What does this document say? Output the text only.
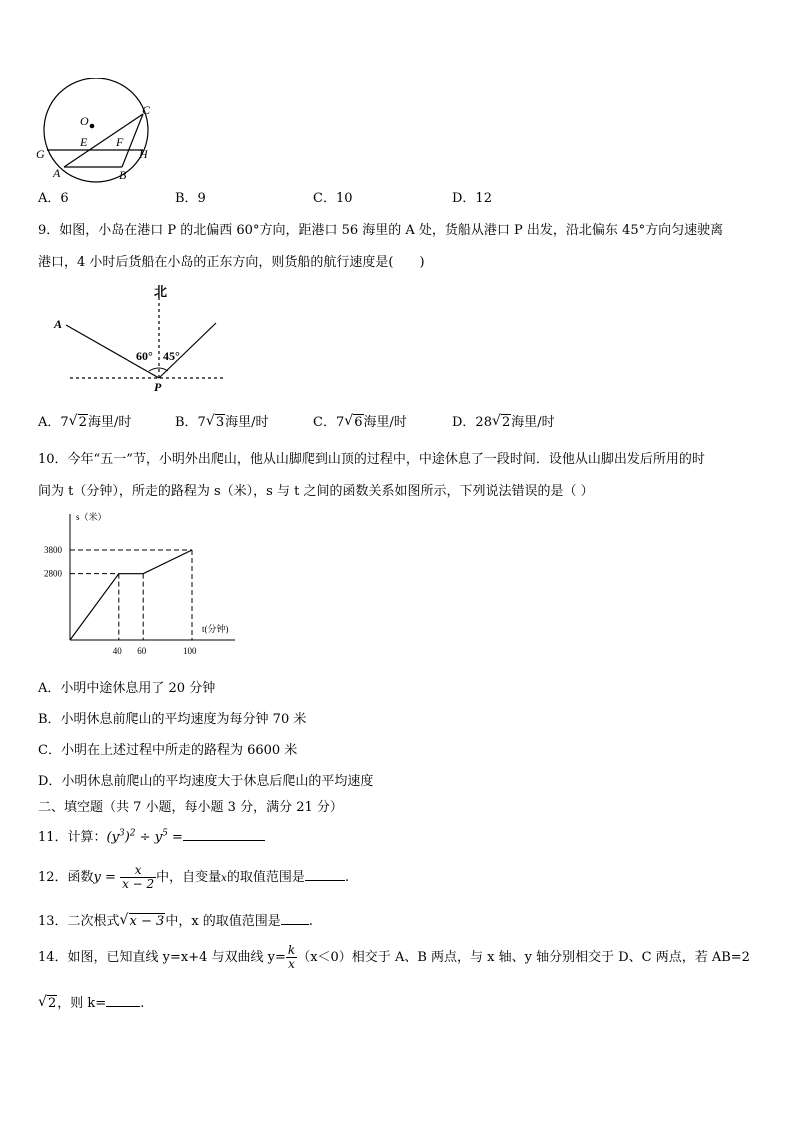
O
C
E F
G	H
A	B
A．6	B．9	C．10	D．12
9．如图，小岛在港口 P 的北偏西 60°方向，距港口 56 海里的 A 处，货船从港口 P 出发，沿北偏东 45°方向匀速驶离
港口，4 小时后货船在小岛的正东方向，则货船的航行速度是(　　)
北
A
60° 45°
P
A．7 √ 2海里/时	B．7 √ 3海里/时	C．7 √ 6海里/时	D．28 √ 2海里/时
10．今年“五一”节，小明外出爬山，他从山脚爬到山顶的过程中，中途休息了一段时间．设他从山脚出发后所用的时
间为 t（分钟），所走的路程为 s（米），s 与 t 之间的函数关系如图所示，下列说法错误的是（ ）
s（米）
t(分钟)
40 60	100
2800
3800
A．小明中途休息用了 20 分钟
B．小明休息前爬山的平均速度为每分钟 70 米
C．小明在上述过程中所走的路程为 6600 米
D．小明休息前爬山的平均速度大于休息后爬山的平均速度
二、填空题（共 7 小题，每小题 3 分，满分 21 分）
11．计算：$(y^3)^2 \div y^5$ =
12．函数$y = \frac{x}{x - 2}$ 中，自变量x的取值范围是	.
13．二次根式 √ x − 3中，x 的取值范围是 .
14．如图，已知直线 y=x+4 与双曲线 $y= \frac{k}{x} (x<0)$相交于 A、B 两点，与 x 轴、y 轴分别相交于 D、C 两点，若 AB=2
√ 2，则 k=	.
